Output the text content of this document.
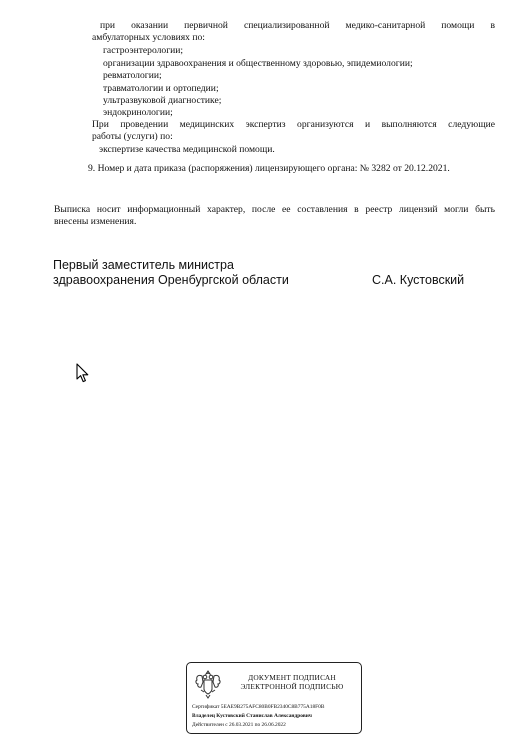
при оказании первичной специализированной медико-санитарной помощи в
амбулаторных условиях по:
гастроэнтерологии;
организации здравоохранения и общественному здоровью, эпидемиологии;
ревматологии;
травматологии и ортопедии;
ультразвуковой диагностике;
эндокринологии;
При проведении медицинских экспертиз организуются и выполняются следующие
работы (услуги) по:
экспертизе качества медицинской помощи.
9. Номер и дата приказа (распоряжения) лицензирующего органа: № 3282 от 20.12.2021.
Выписка носит информационный характер, после ее составления в реестр лицензий могли быть
внесены изменения.
Первый заместитель министра
здравоохранения Оренбургской области	С.А. Кустовский
ДОКУМЕНТ ПОДПИСАН
ЭЛЕКТРОННОЙ ПОДПИСЬЮ
Сертификат 5EAE9B275AFC80B0FB2340C8B775A18F0B
Владелец Кустовский Станислав Александрович
Действителен с 26.03.2021 по 26.06.2022
